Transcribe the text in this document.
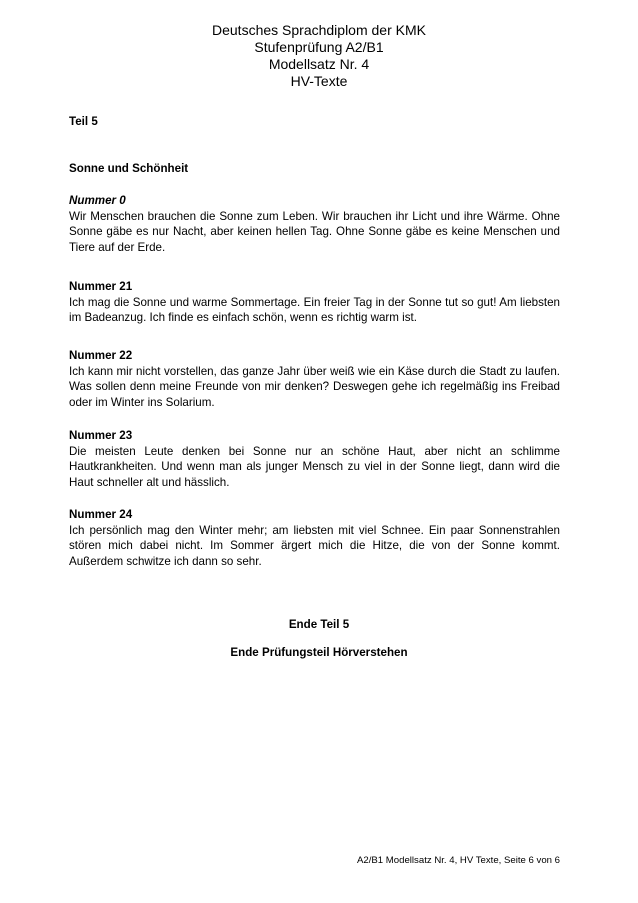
Deutsches Sprachdiplom der KMK
Stufenprüfung A2/B1
Modellsatz Nr. 4
HV-Texte
Teil 5
Sonne und Schönheit
Nummer 0
Wir Menschen brauchen die Sonne zum Leben. Wir brauchen ihr Licht und ihre Wärme. Ohne Sonne gäbe es nur Nacht, aber keinen hellen Tag. Ohne Sonne gäbe es keine Menschen und Tiere auf der Erde.
Nummer 21
Ich mag die Sonne und warme Sommertage. Ein freier Tag in der Sonne tut so gut! Am liebsten im Badeanzug. Ich finde es einfach schön, wenn es richtig warm ist.
Nummer 22
Ich kann mir nicht vorstellen, das ganze Jahr über weiß wie ein Käse durch die Stadt zu laufen. Was sollen denn meine Freunde von mir denken? Deswegen gehe ich regelmäßig ins Freibad oder im Winter ins Solarium.
Nummer 23
Die meisten Leute denken bei Sonne nur an schöne Haut, aber nicht an schlimme Hautkrankheiten. Und wenn man als junger Mensch zu viel in der Sonne liegt, dann wird die Haut schneller alt und hässlich.
Nummer 24
Ich persönlich mag den Winter mehr; am liebsten mit viel Schnee. Ein paar Sonnenstrahlen stören mich dabei nicht. Im Sommer ärgert mich die Hitze, die von der Sonne kommt. Außerdem schwitze ich dann so sehr.
Ende Teil 5
Ende Prüfungsteil Hörverstehen
A2/B1 Modellsatz Nr. 4, HV Texte, Seite 6 von 6
